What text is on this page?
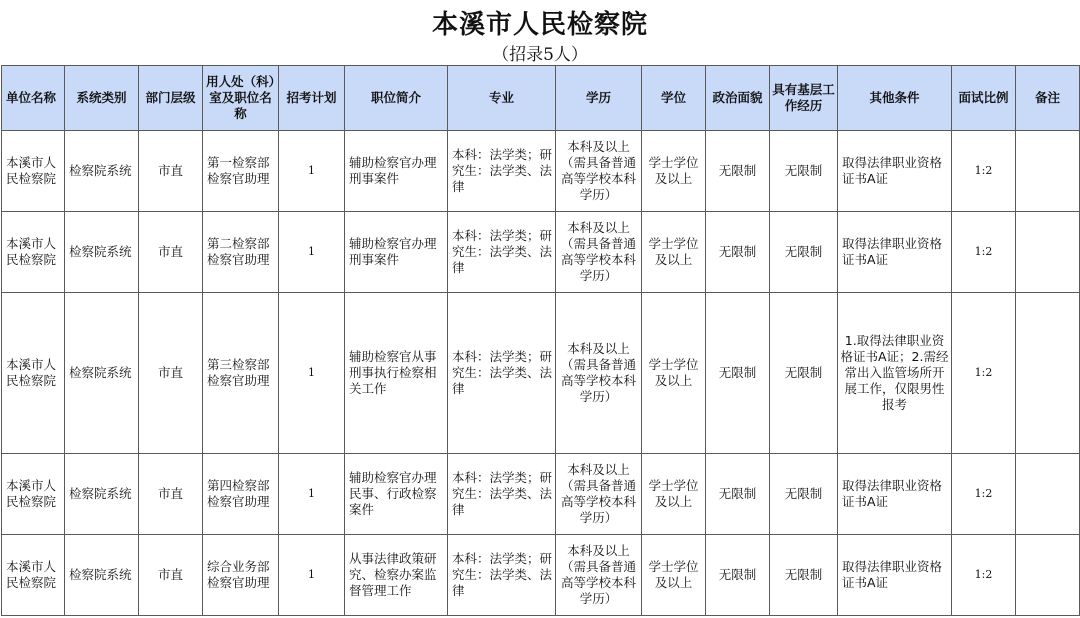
本溪市人民检察院
（招录5人）
单位名称	系统类别	部门层级	用人处（科）室及职位名称	招考计划	职位简介	专业	学历	学位	政治面貌	具有基层工作经历	其他条件	面试比例	备注
本溪市人民检察院	检察院系统	市直	第一检察部检察官助理	1	辅助检察官办理刑事案件	本科：法学类；研究生：法学类、法律	本科及以上（需具备普通高等学校本科学历）	学士学位及以上	无限制	无限制	取得法律职业资格证书A证	1:2	
本溪市人民检察院	检察院系统	市直	第二检察部检察官助理	1	辅助检察官办理刑事案件	本科：法学类；研究生：法学类、法律	本科及以上（需具备普通高等学校本科学历）	学士学位及以上	无限制	无限制	取得法律职业资格证书A证	1:2	
本溪市人民检察院	检察院系统	市直	第三检察部检察官助理	1	辅助检察官从事刑事执行检察相关工作	本科：法学类；研究生：法学类、法律	本科及以上（需具备普通高等学校本科学历）	学士学位及以上	无限制	无限制	1.取得法律职业资格证书A证；2.需经常出入监管场所开展工作，仅限男性报考	1:2	
本溪市人民检察院	检察院系统	市直	第四检察部检察官助理	1	辅助检察官办理民事、行政检察案件	本科：法学类；研究生：法学类、法律	本科及以上（需具备普通高等学校本科学历）	学士学位及以上	无限制	无限制	取得法律职业资格证书A证	1:2	
本溪市人民检察院	检察院系统	市直	综合业务部检察官助理	1	从事法律政策研究、检察办案监督管理工作	本科：法学类；研究生：法学类、法律	本科及以上（需具备普通高等学校本科学历）	学士学位及以上	无限制	无限制	取得法律职业资格证书A证	1:2	
